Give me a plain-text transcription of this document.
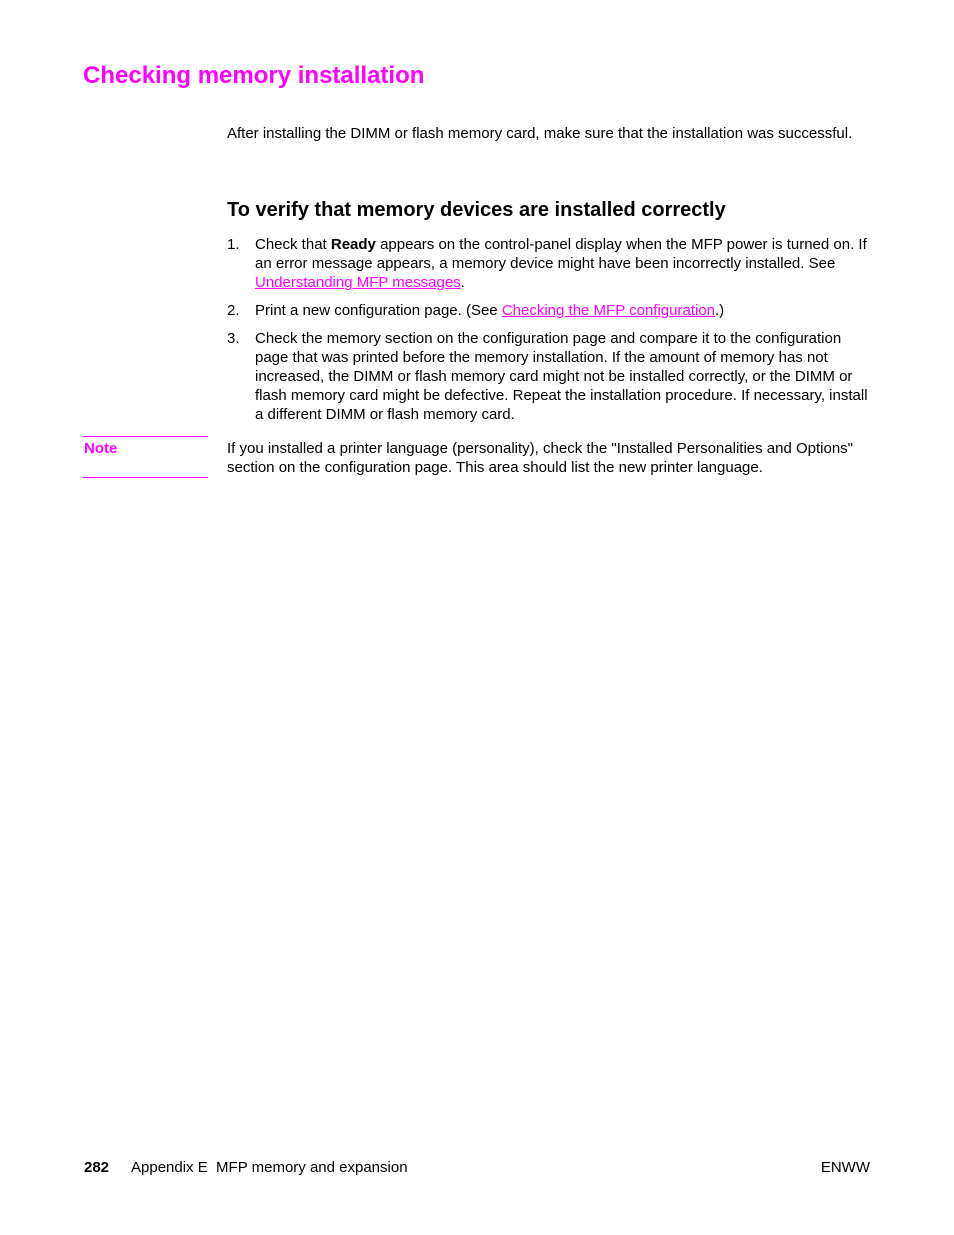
Checking memory installation
After installing the DIMM or flash memory card, make sure that the installation was successful.
To verify that memory devices are installed correctly
1. Check that Ready appears on the control-panel display when the MFP power is turned on. If an error message appears, a memory device might have been incorrectly installed. See Understanding MFP messages.
2. Print a new configuration page. (See Checking the MFP configuration.)
3. Check the memory section on the configuration page and compare it to the configuration page that was printed before the memory installation. If the amount of memory has not increased, the DIMM or flash memory card might not be installed correctly, or the DIMM or flash memory card might be defective. Repeat the installation procedure. If necessary, install a different DIMM or flash memory card.
Note	If you installed a printer language (personality), check the "Installed Personalities and Options" section on the configuration page. This area should list the new printer language.
282 Appendix E  MFP memory and expansion	ENWW
